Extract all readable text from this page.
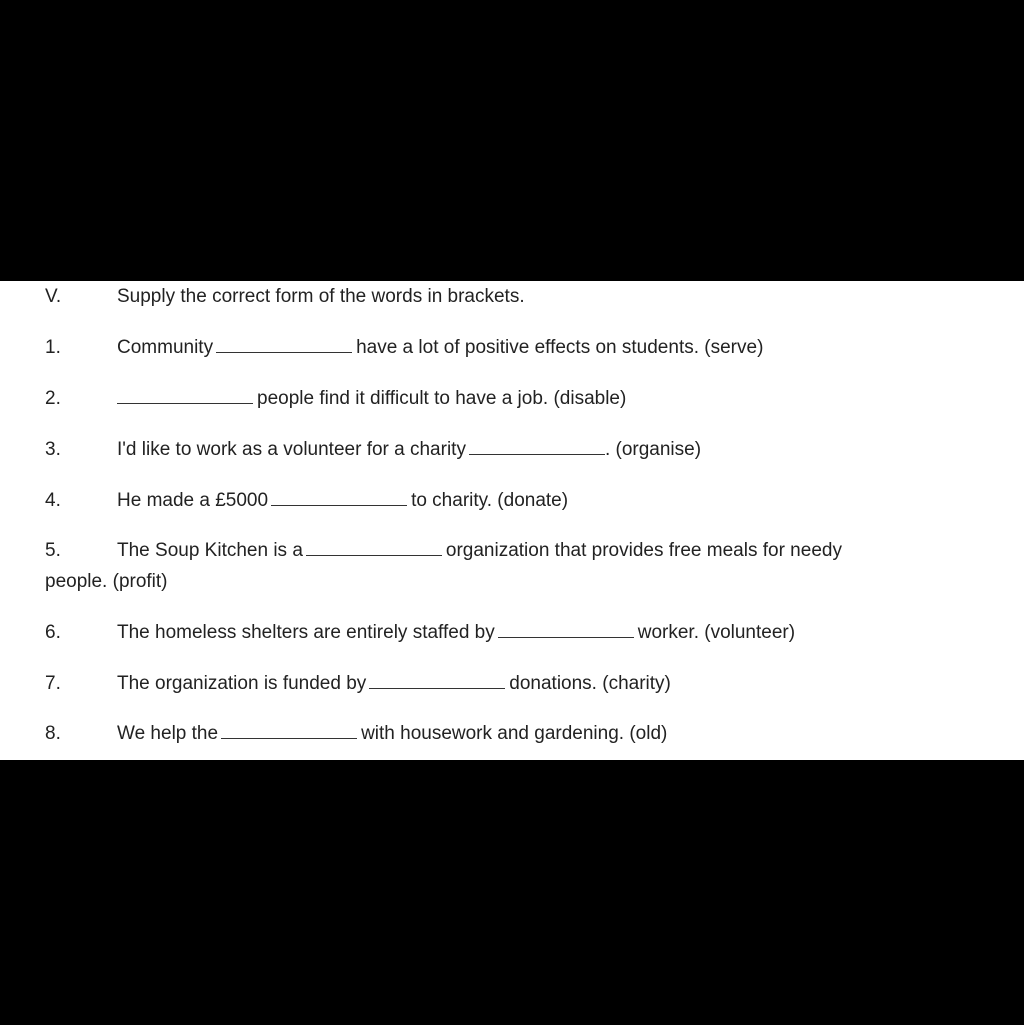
V.	Supply the correct form of the words in brackets.
1.	Community	have a lot of positive effects on students. (serve)
2.	people find it difficult to have a job. (disable)
3.	I'd like to work as a volunteer for a charity	. (organise)
4.	He made a £5000	to charity. (donate)
5.	The Soup Kitchen is a	organization that provides free meals for needy
people. (profit)
6.	The homeless shelters are entirely staffed by	worker. (volunteer)
7.	The organization is funded by	donations. (charity)
8.	We help the	with housework and gardening. (old)
